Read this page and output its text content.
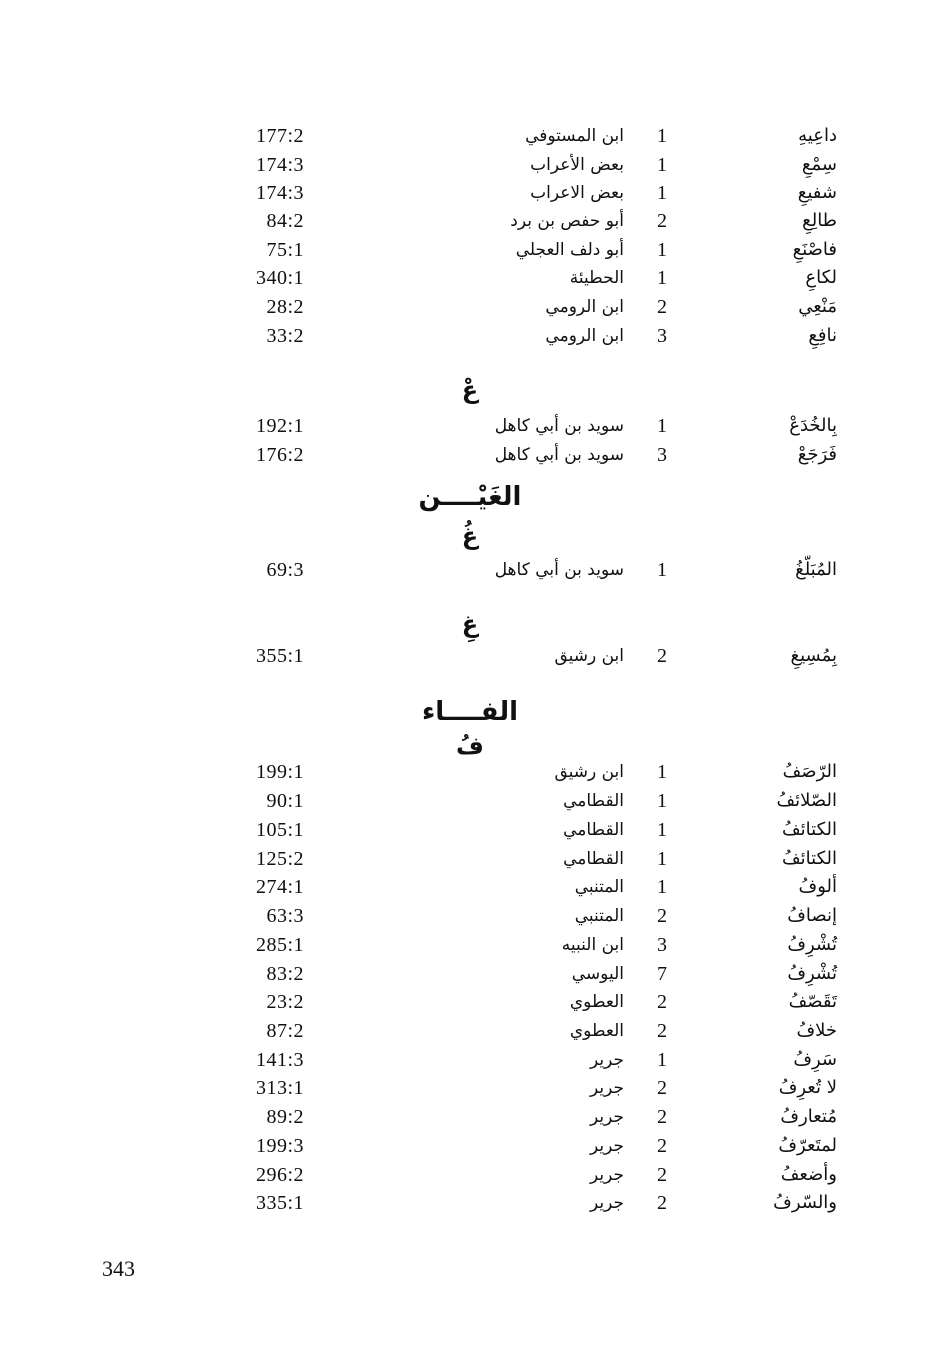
177:2	ابن المستوفي	1	داعِيهِ
174:3	بعض الأعراب	1	سِمْعِ
174:3	بعض الاعراب	1	شفيعِ
84:2	أبو حفص بن برد	2	طالِعِ
75:1	أبو دلف العجلي	1	فاصْنَعِ
340:1	الحطيئة	1	لكاعِ
28:2	ابن الرومي	2	مَنْعِي
33:2	ابن الرومي	3	نافِعِ
عْ
192:1	سويد بن أبي كاهل	1	بِالخُدَعْ
176:2	سويد بن أبي كاهل	3	فَرَجَعْ
الغَيْــــن
غُ
69:3	سويد بن أبي كاهل	1	المُبَلّغُ
غِ
355:1	ابن رشيق	2	بِمُسِيغِ
الفــــاء
فُ
199:1	ابن رشيق	1	الرّصَفُ
90:1	القطامي	1	الصّلائفُ
105:1	القطامي	1	الكتائفُ
125:2	القطامي	1	الكتائفُ
274:1	المتنبي	1	ألوفُ
63:3	المتنبي	2	إنصافُ
285:1	ابن النبيه	3	تُشْرِفُ
83:2	اليوسي	7	تُشْرِفُ
23:2	العطوي	2	تَقَصّفُ
87:2	العطوي	2	خلافُ
141:3	جرير	1	سَرِفُ
313:1	جرير	2	لا تُعرِفُ
89:2	جرير	2	مُتعارفُ
199:3	جرير	2	لمتَعرّفُ
296:2	جرير	2	وأضعفُ
335:1	جرير	2	والسّرفُ
343
